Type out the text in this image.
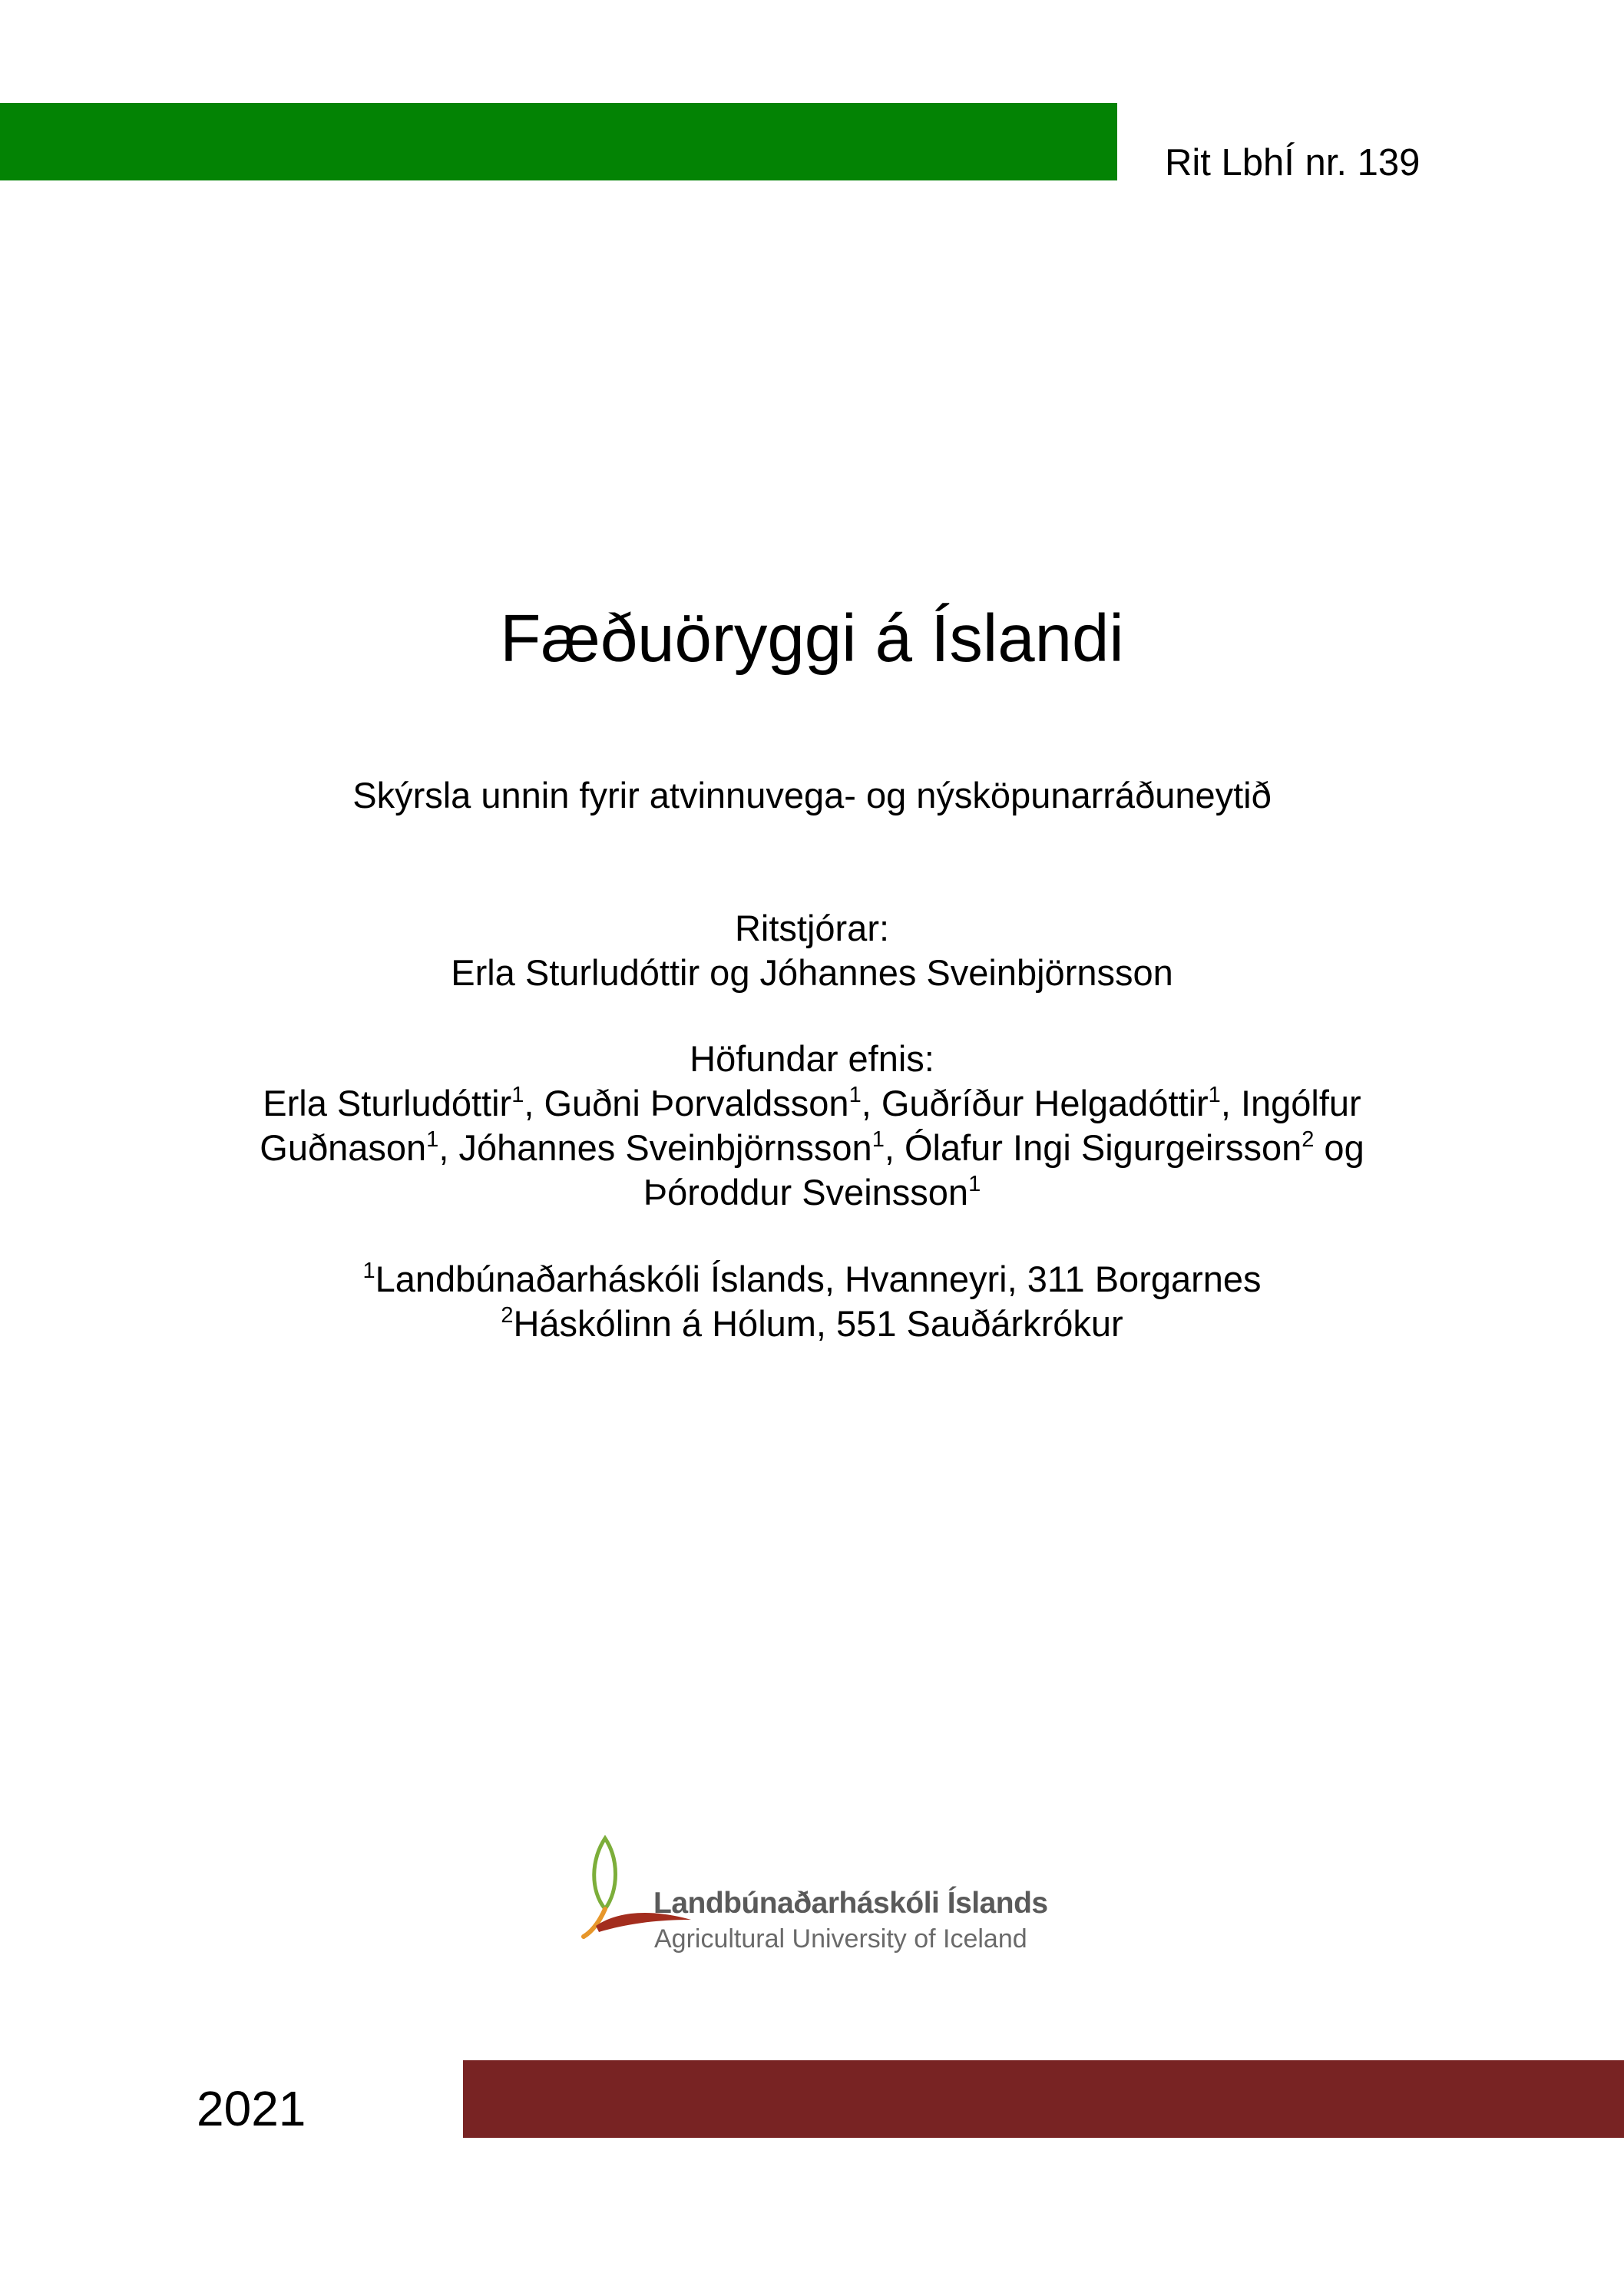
Rit LbhÍ nr. 139
Fæðuöryggi á Íslandi
Skýrsla unnin fyrir atvinnuvega- og nýsköpunarráðuneytið
Ritstjórar:
Erla Sturludóttir og Jóhannes Sveinbjörnsson
Höfundar efnis:
Erla Sturludóttir$^1$, Guðni Þorvaldsson$^1$, Guðríður Helgadóttir$^1$, Ingólfur
Guðnason$^1$, Jóhannes Sveinbjörnsson$^1$, Ólafur Ingi Sigurgeirsson$^2$ og
Þóroddur Sveinsson$^1$
$^1$Landbúnaðarháskóli Íslands, Hvanneyri, 311 Borgarnes
$^2$Háskólinn á Hólum, 551 Sauðárkrókur
Landbúnaðarháskóli Íslands
Agricultural University of Iceland
2021
